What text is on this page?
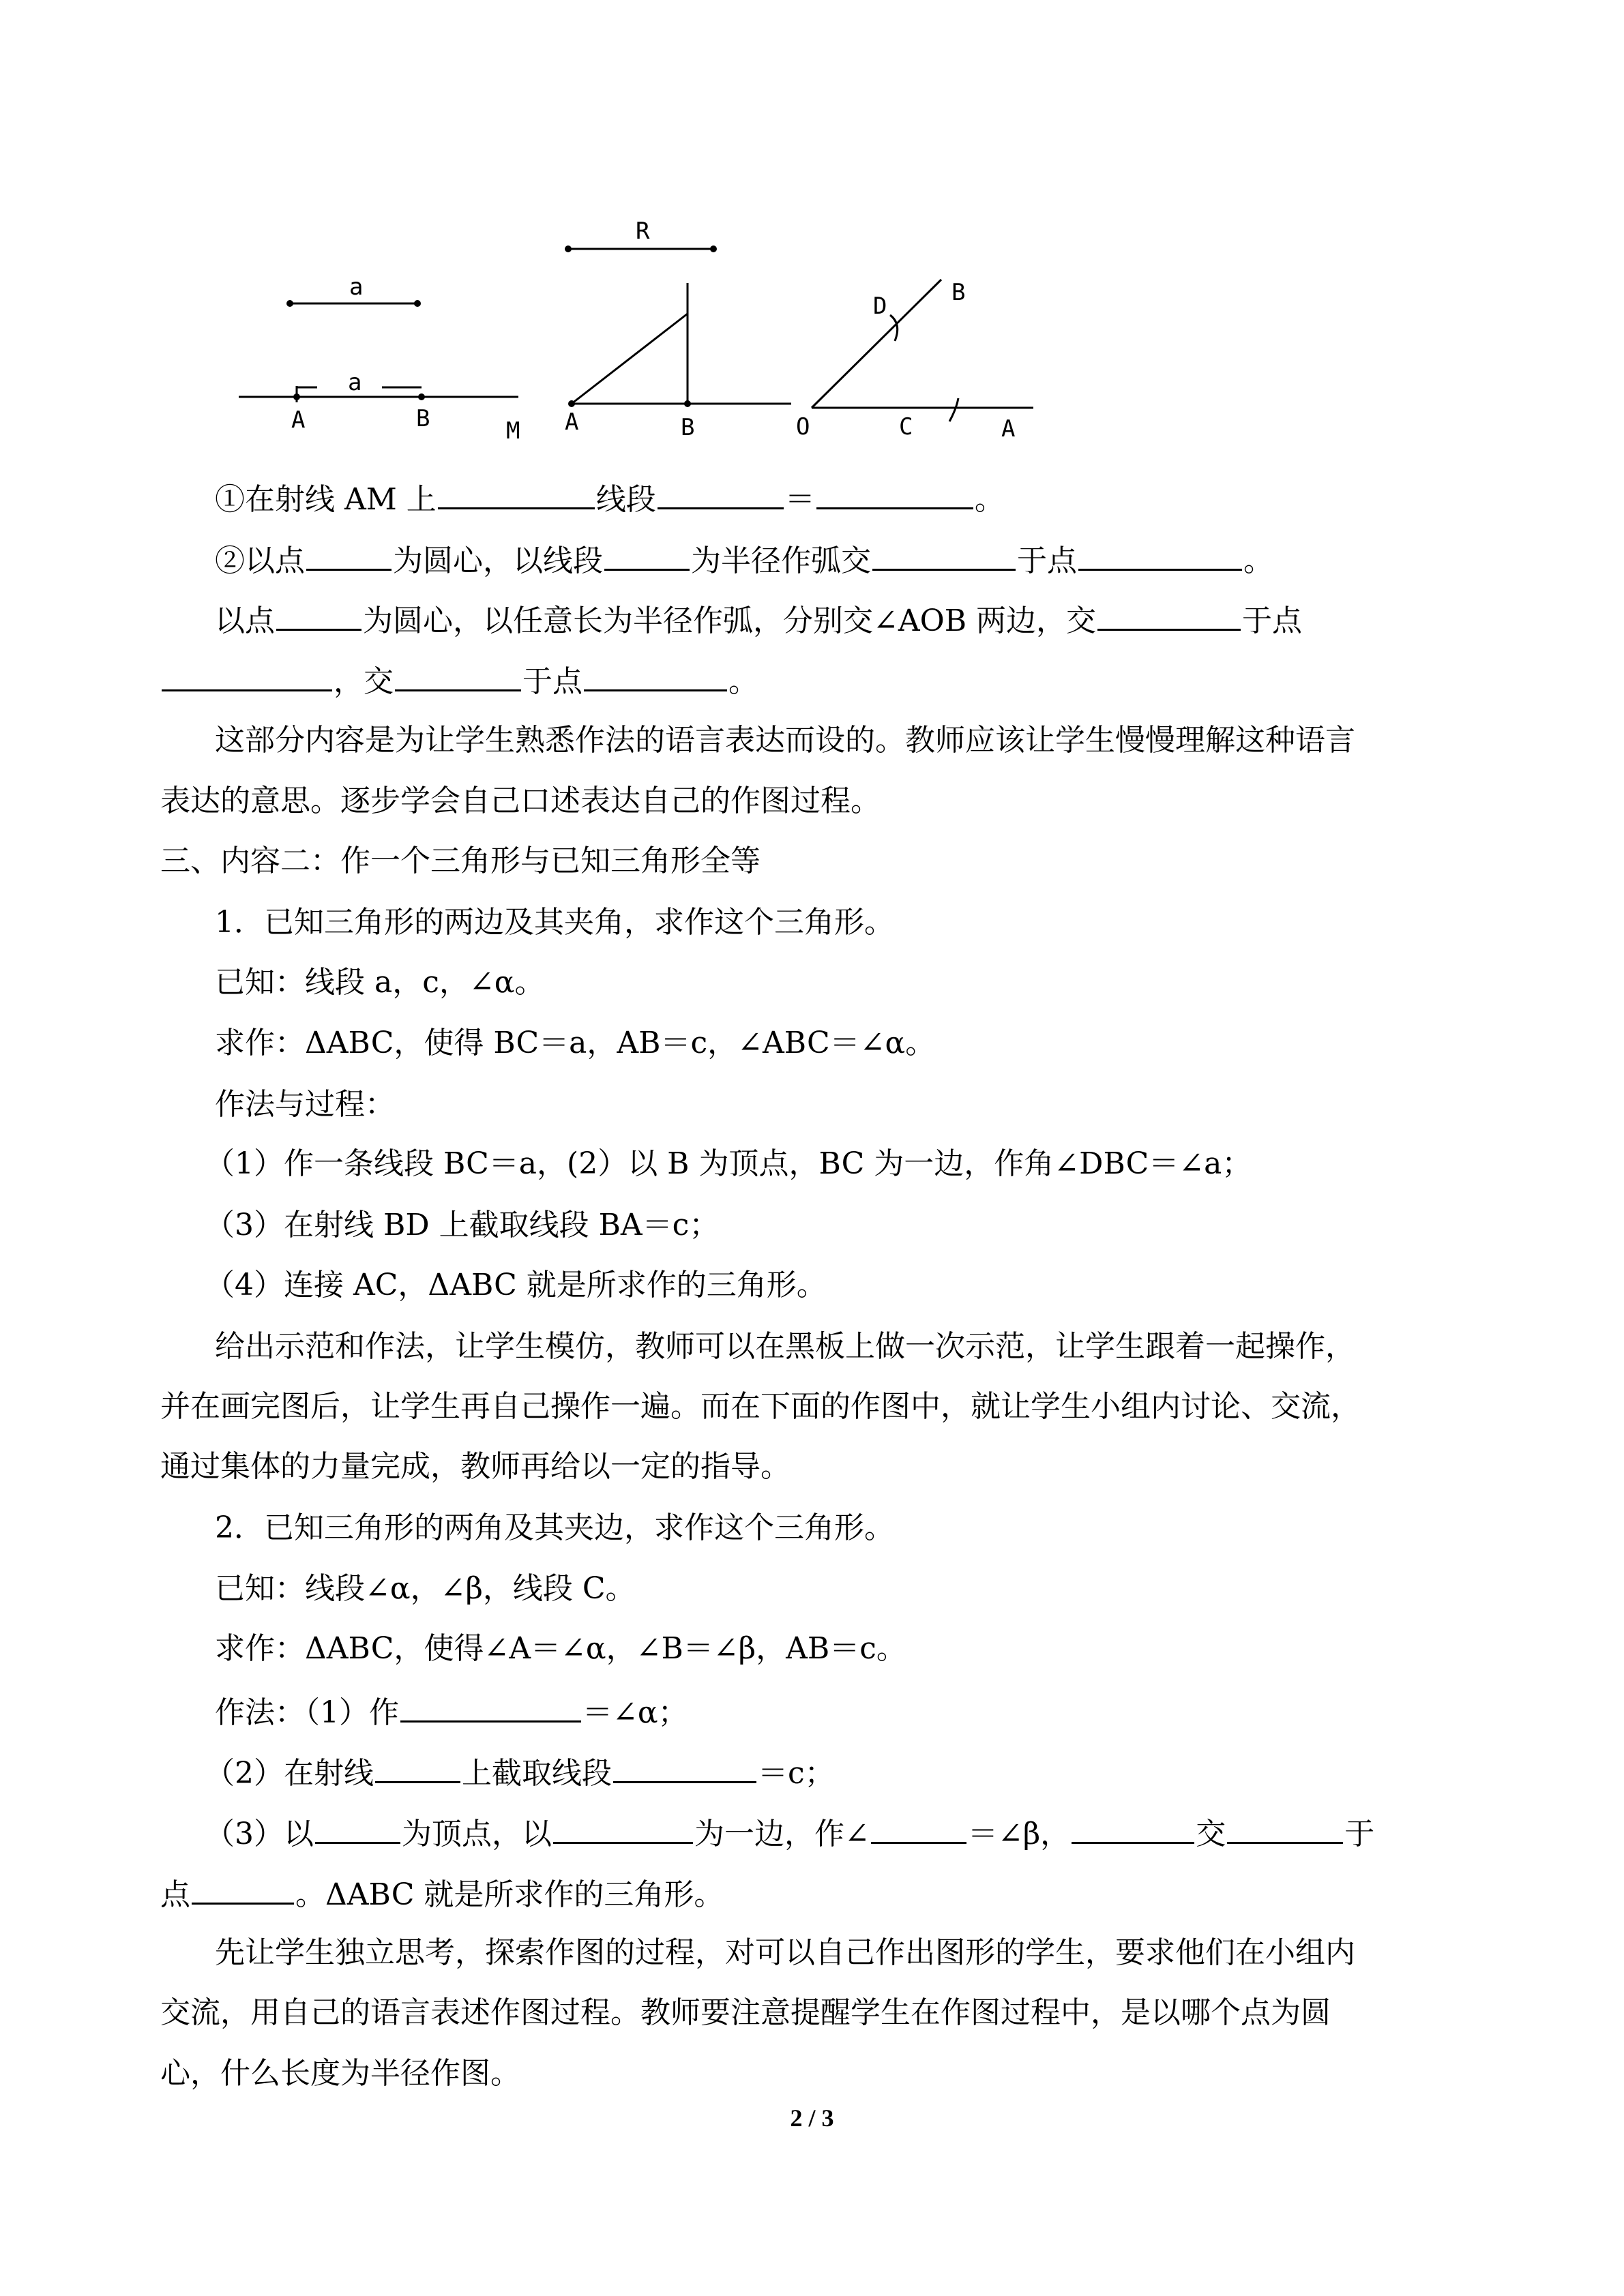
a
a
A	B	M
R
A	B	O	C	A
D	B
①在射线 AM 上	线段	＝	。
②以点	为圆心，以线段	为半径作弧交	于点	。
以点	为圆心，以任意长为半径作弧，分别交∠AOB 两边，交	于点
，交	于点	。
这部分内容是为让学生熟悉作法的语言表达而设的。教师应该让学生慢慢理解这种语言
表达的意思。逐步学会自己口述表达自己的作图过程。
三、内容二：作一个三角形与已知三角形全等
1．已知三角形的两边及其夹角，求作这个三角形。
已知：线段 a，c，∠α。
求作：ΔABC，使得 BC＝a，AB＝c，∠ABC＝∠α。
作法与过程：
（1）作一条线段 BC＝a，(2）以 B 为顶点，BC 为一边，作角∠DBC＝∠a；
（3）在射线 BD 上截取线段 BA＝c；
（4）连接 AC，ΔABC 就是所求作的三角形。
给出示范和作法，让学生模仿，教师可以在黑板上做一次示范，让学生跟着一起操作，
并在画完图后，让学生再自己操作一遍。而在下面的作图中，就让学生小组内讨论、交流，
通过集体的力量完成，教师再给以一定的指导。
2．已知三角形的两角及其夹边，求作这个三角形。
已知：线段∠α，∠β，线段 C。
求作：ΔABC，使得∠A＝∠α，∠B＝∠β，AB＝c。
作法：（1）作	＝∠α；
（2）在射线	上截取线段	＝c；
（3）以	为顶点，以	为一边，作∠	＝∠β，	交	于
点	。ΔABC 就是所求作的三角形。
先让学生独立思考，探索作图的过程，对可以自己作出图形的学生，要求他们在小组内
交流，用自己的语言表述作图过程。教师要注意提醒学生在作图过程中，是以哪个点为圆
心，什么长度为半径作图。
2 / 3
